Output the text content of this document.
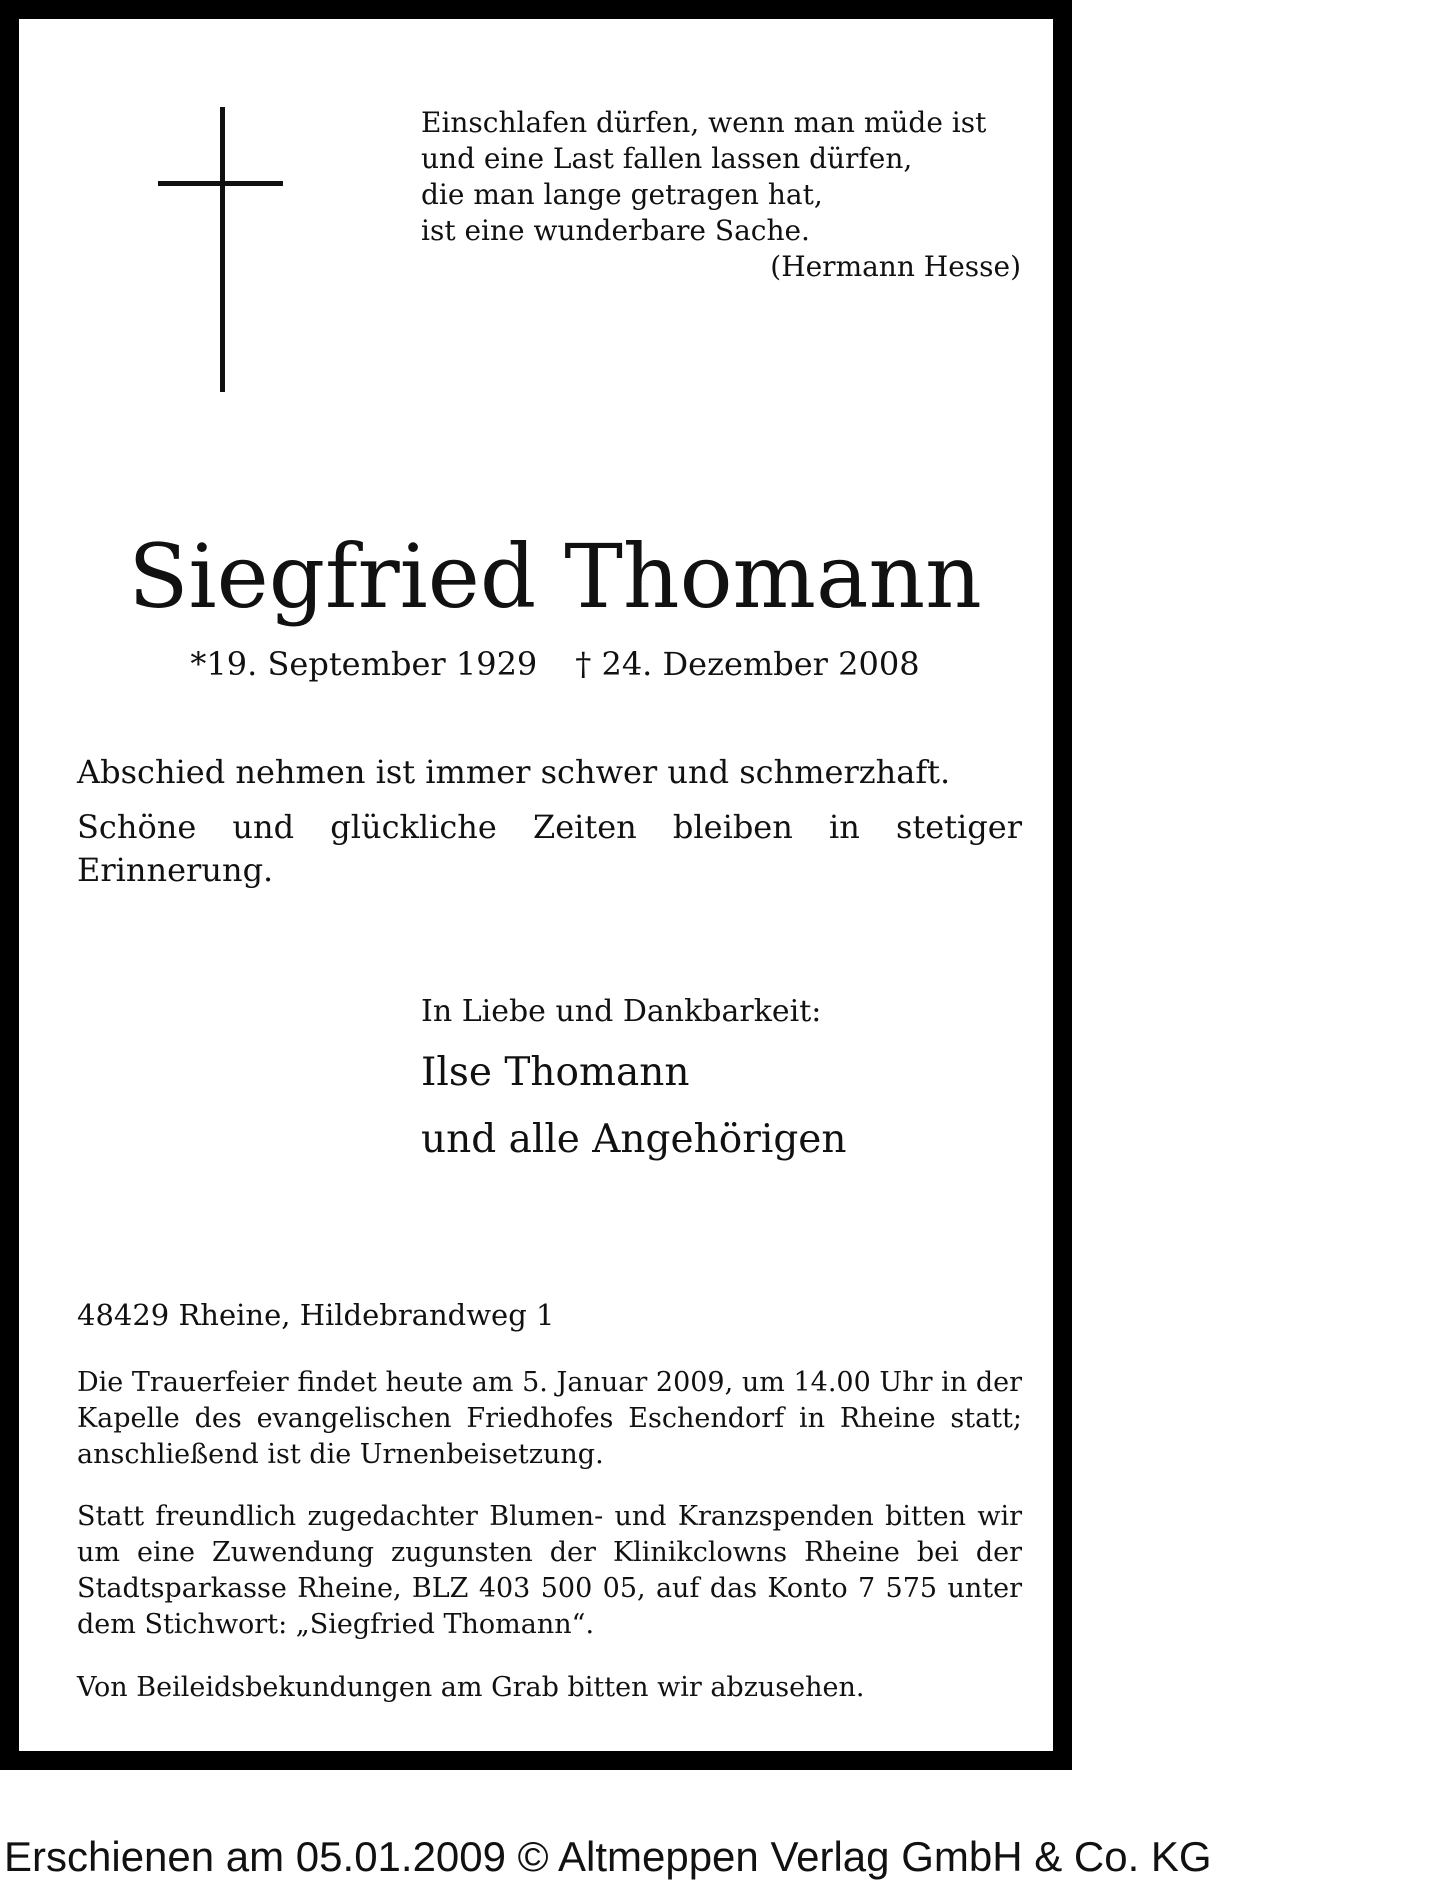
Einschlafen dürfen, wenn man müde ist
und eine Last fallen lassen dürfen,
die man lange getragen hat,
ist eine wunderbare Sache.
(Hermann Hesse)
Siegfried Thomann
*19. September 1929 † 24. Dezember 2008
Abschied nehmen ist immer schwer und schmerzhaft.
Schöne und glückliche Zeiten bleiben in stetiger Erinnerung.
In Liebe und Dankbarkeit:
Ilse Thomann
und alle Angehörigen
48429 Rheine, Hildebrandweg 1
Die Trauerfeier findet heute am 5. Januar 2009, um 14.00 Uhr in der Kapelle des evangelischen Friedhofes Eschendorf in Rheine statt; anschließend ist die Urnenbeisetzung.
Statt freundlich zugedachter Blumen- und Kranzspenden bitten wir um eine Zuwendung zugunsten der Klinikclowns Rheine bei der Stadtsparkasse Rheine, BLZ 403 500 05, auf das Konto 7 575 unter dem Stichwort: „Siegfried Thomann“.
Von Beileidsbekundungen am Grab bitten wir abzusehen.
Erschienen am 05.01.2009 © Altmeppen Verlag GmbH & Co. KG
